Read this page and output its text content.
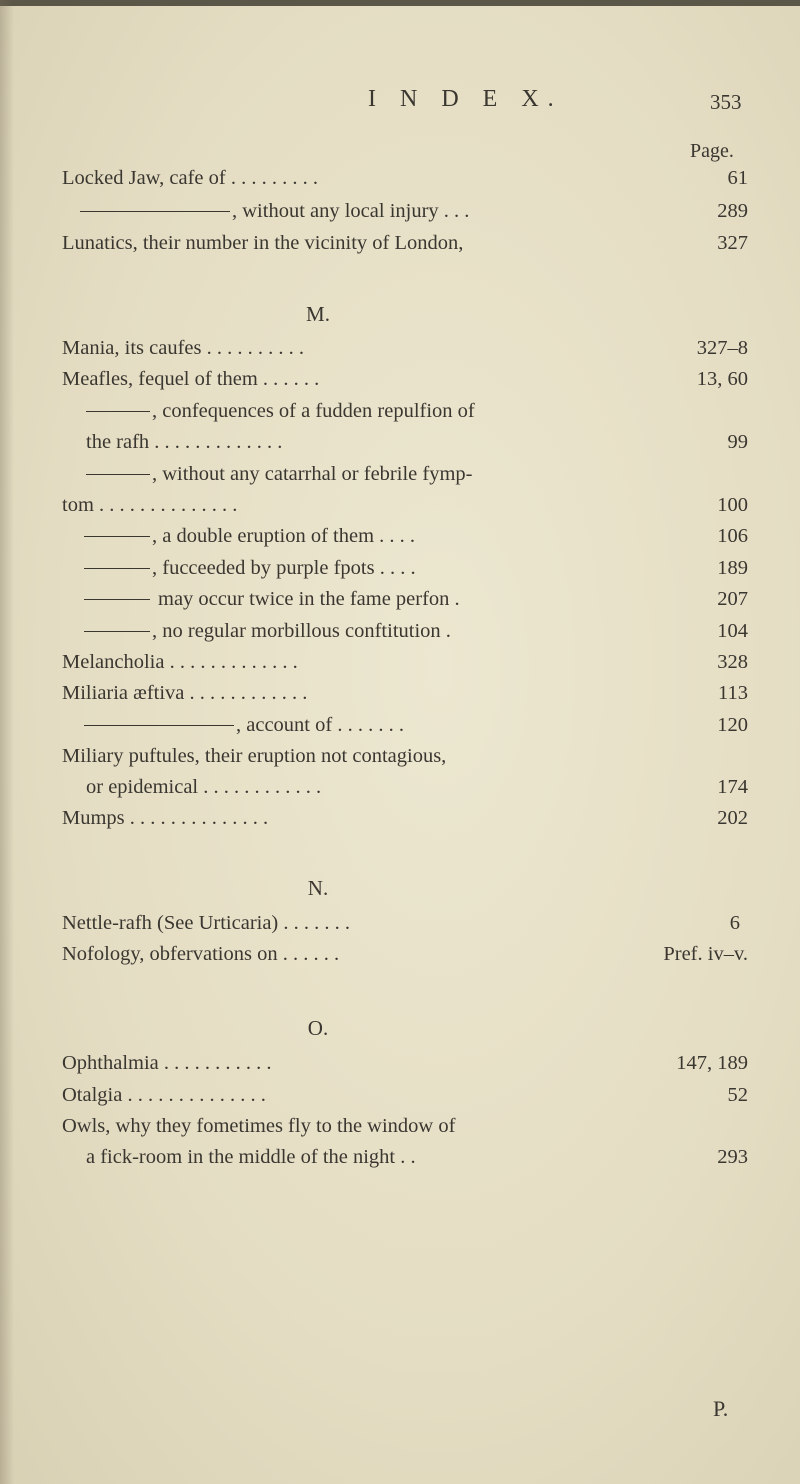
I N D E X.	353
Page.
Locked Jaw, cafe of . . . . . . . . .	61
, without any local injury . . .	289
Lunatics, their number in the vicinity of London,	327
M.
Mania, its caufes . . . . . . . . . .	327–8
Meafles, fequel of them . . . . . .	13, 60
, confequences of a fudden repulfion of
the rafh . . . . . . . . . . . . .	99
, without any catarrhal or febrile fymp-
tom . . . . . . . . . . . . . .	100
, a double eruption of them . . . .	106
, fucceeded by purple fpots . . . .	189
may occur twice in the fame perfon .	207
, no regular morbillous conftitution .	104
Melancholia . . . . . . . . . . . . .	328
Miliaria æftiva . . . . . . . . . . . .	113
, account of . . . . . . .	120
Miliary puftules, their eruption not contagious,
or epidemical . . . . . . . . . . . .	174
Mumps . . . . . . . . . . . . . .	202
N.
Nettle-rafh (See Urticaria) . . . . . . .	6
Nofology, obfervations on . . . . . .	Pref. iv–v.
O.
Ophthalmia . . . . . . . . . . .	147, 189
Otalgia . . . . . . . . . . . . . .	52
Owls, why they fometimes fly to the window of
a fick-room in the middle of the night . .	293
P.
